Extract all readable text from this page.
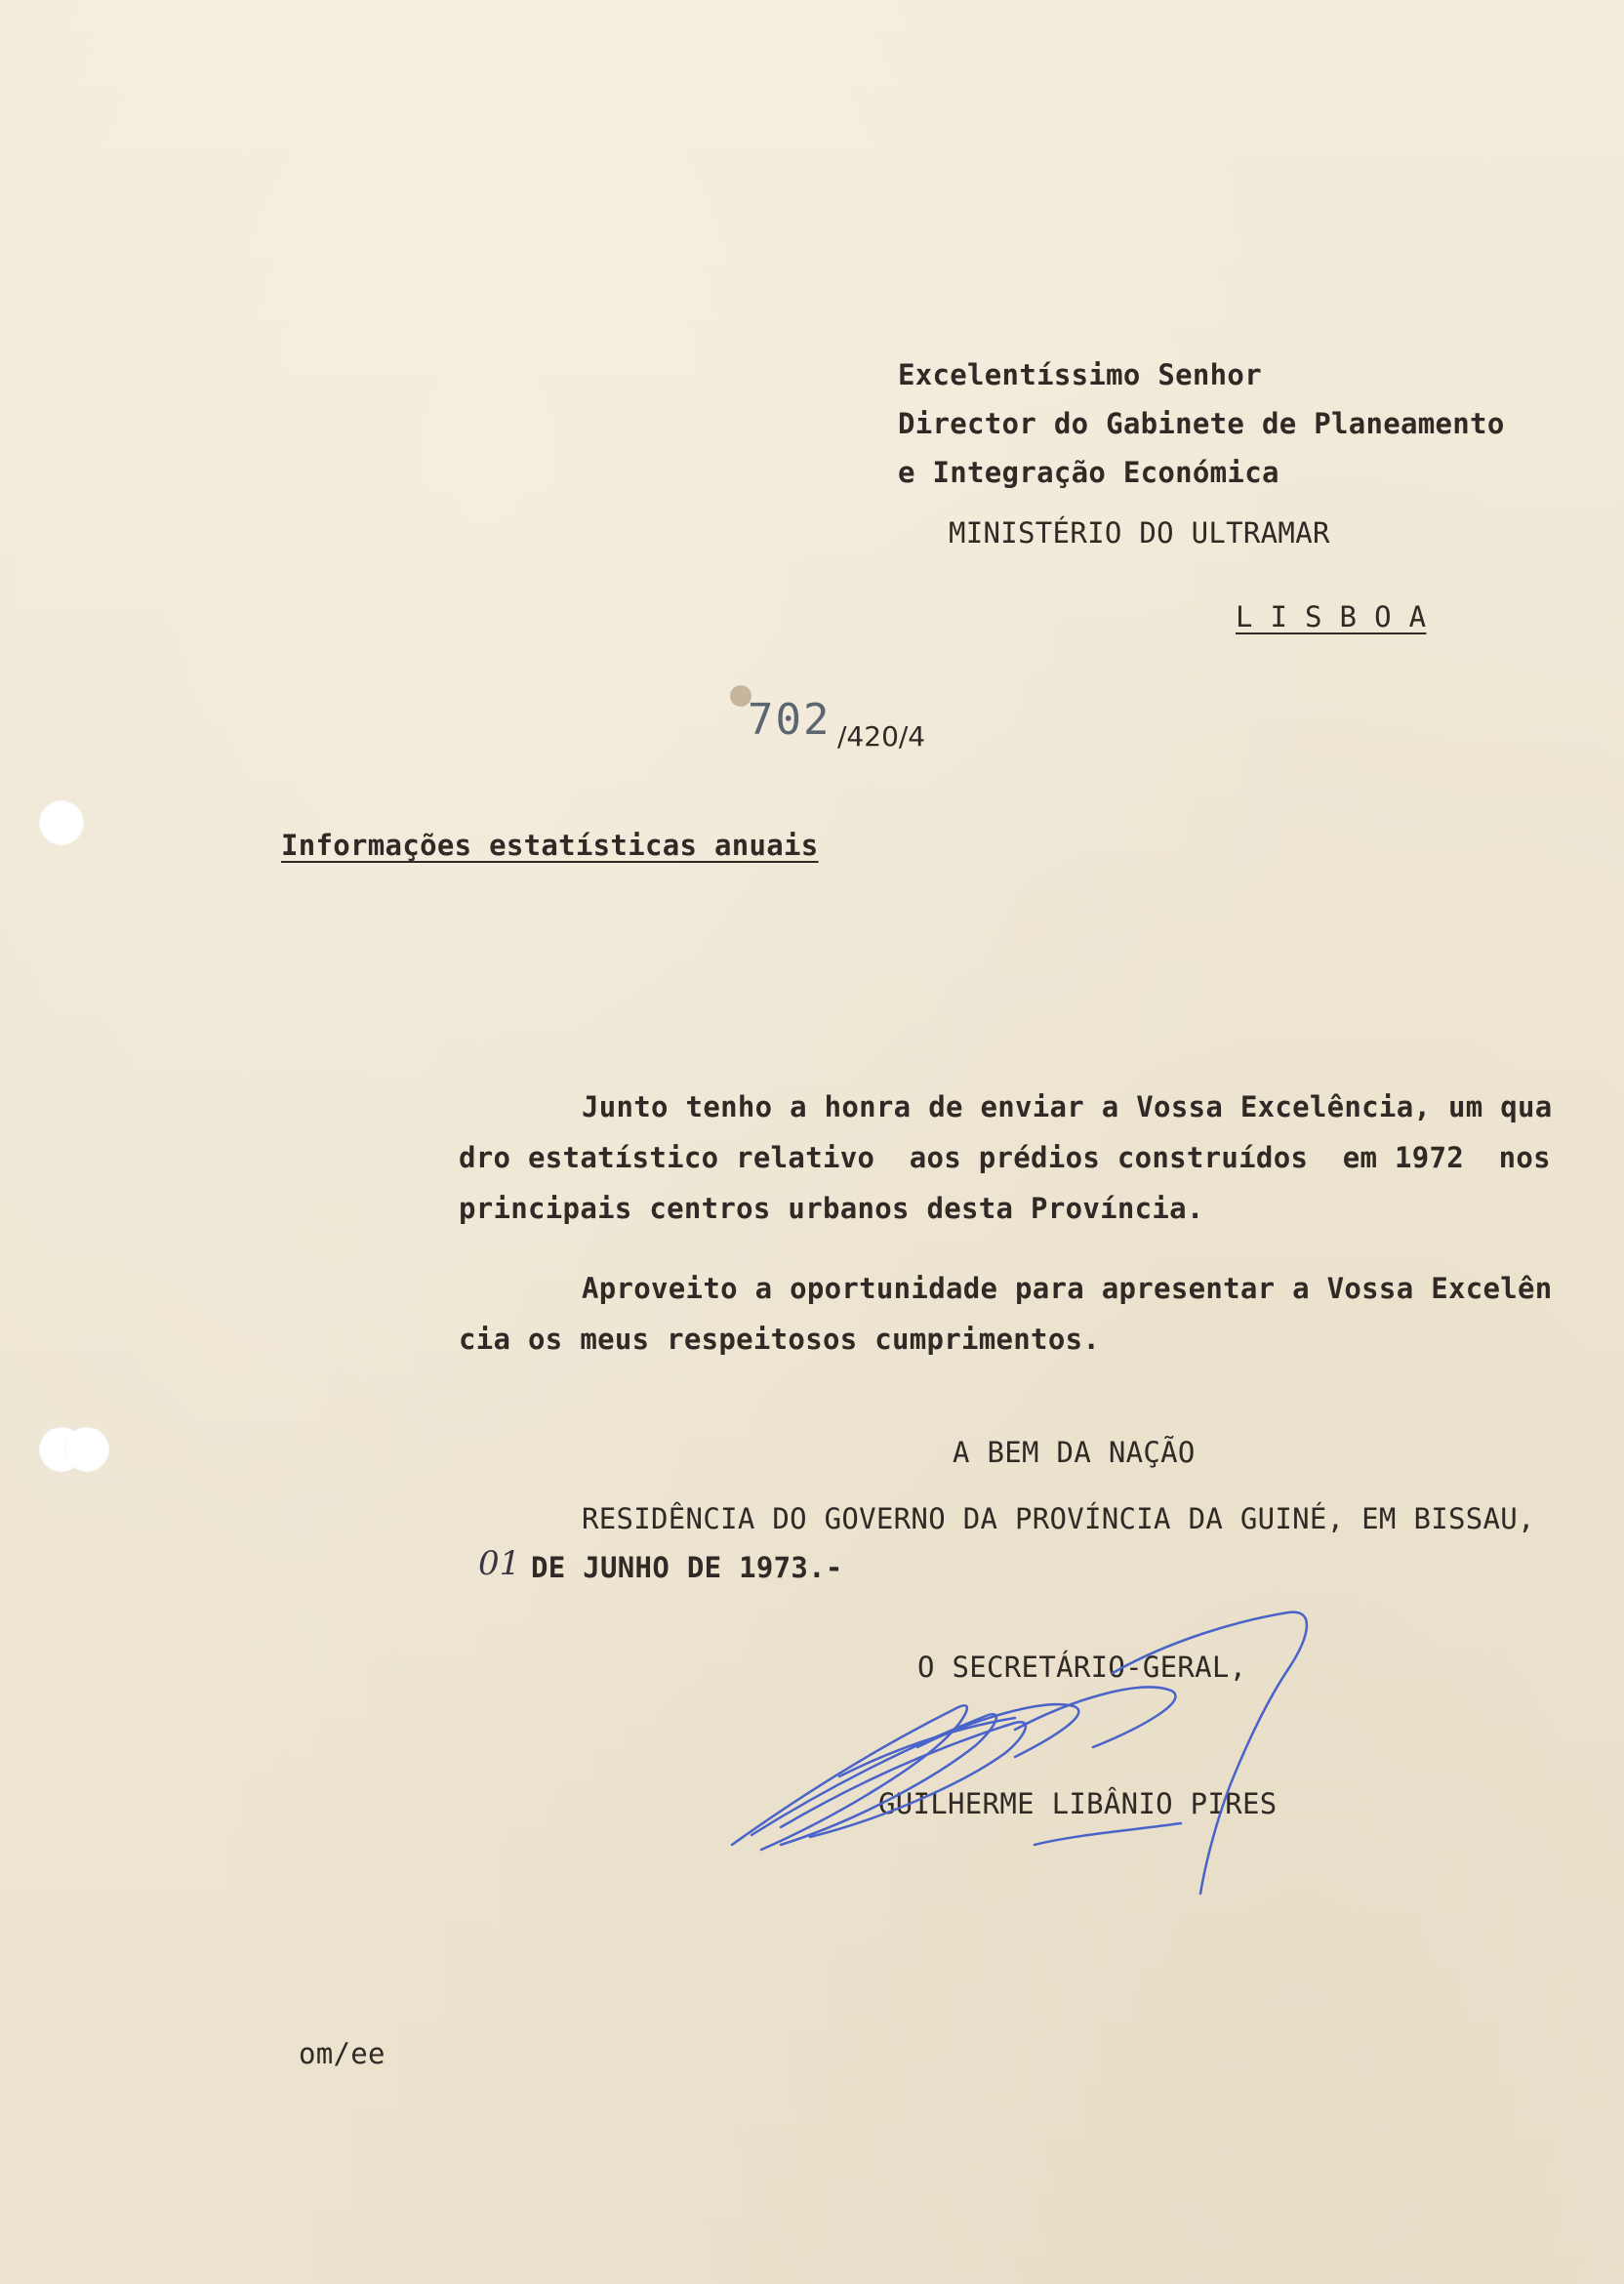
Excelentíssimo Senhor
Director do Gabinete de Planeamento
e Integração Económica
MINISTÉRIO DO ULTRAMAR
L I S B O A
702 /420/4
Informações estatísticas anuais
Junto tenho a honra de enviar a Vossa Excelência, um qua
dro estatístico relativo  aos prédios construídos  em 1972  nos
principais centros urbanos desta Província.
Aproveito a oportunidade para apresentar a Vossa Excelên
cia os meus respeitosos cumprimentos.
A BEM DA NAÇÃO
RESIDÊNCIA DO GOVERNO DA PROVÍNCIA DA GUINÉ, EM BISSAU,
01 DE JUNHO DE 1973.-
O SECRETÁRIO-GERAL,
GUILHERME LIBÂNIO PIRES
om/ee
